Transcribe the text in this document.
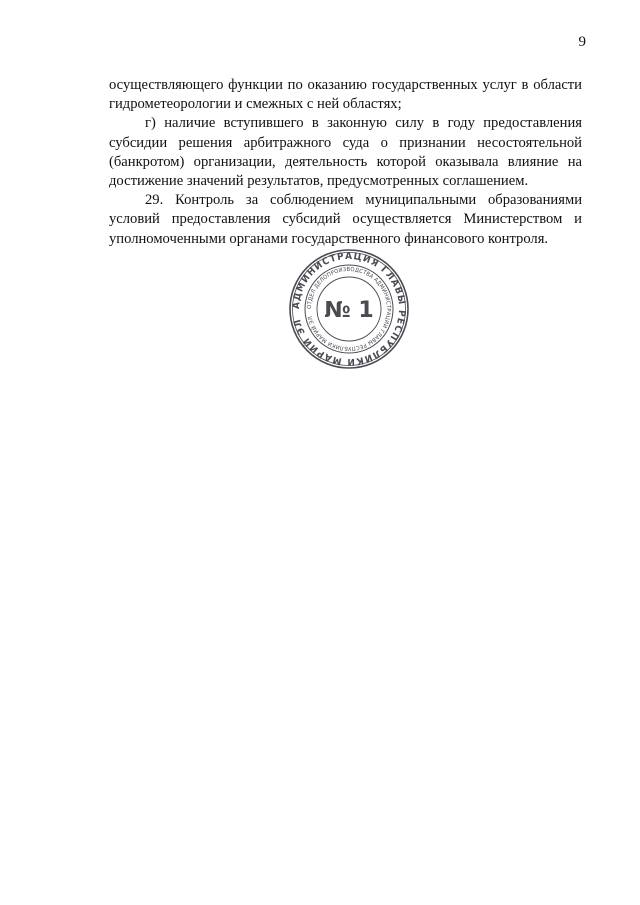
9

осуществляющего функции по оказанию государственных услуг в области гидрометеорологии и смежных с ней областях;

г) наличие вступившего в законную силу в году предоставления субсидии решения арбитражного суда о признании несостоятельной (банкротом) организации, деятельность которой оказывала влияние на достижение значений результатов, предусмотренных соглашением.

29. Контроль за соблюдением муниципальными образованиями условий предоставления субсидий осуществляется Министерством и уполномоченными органами государственного финансового контроля.

АДМИНИСТРАЦИЯ ГЛАВЫ РЕСПУБЛИКИ МАРИЙ ЭЛ
ОТДЕЛ ДЕЛОПРОИЗВОДСТВА АДМИНИСТРАЦИИ ГЛАВЫ РЕСПУБЛИКИ МАРИЙ ЭЛ № 1
